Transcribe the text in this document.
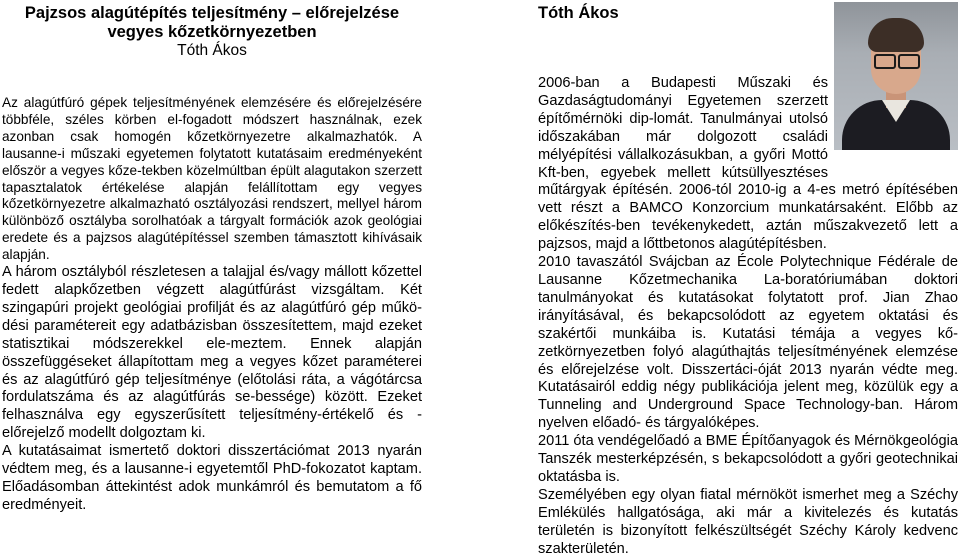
Pajzsos alagútépítés teljesítmény – előrejelzése
vegyes kőzetkörnyezetben
Tóth Ákos

Az alagútfúró gépek teljesítményének elemzésére és előrejelzésére többféle, széles körben el-fogadott módszert használnak, ezek azonban csak homogén kőzetkörnyezetre alkalmazhatók. A lausanne-i műszaki egyetemen folytatott kutatásaim eredményeként először a vegyes kőze-tekben közelmúltban épült alagutakon szerzett tapasztalatok értékelése alapján felállítottam egy vegyes kőzetkörnyezetre alkalmazható osztályozási rendszert, mellyel három különböző osztályba sorolhatóak a tárgyalt formációk azok geológiai eredete és a pajzsos alagútépítéssel szemben támasztott kihívásaik alapján.

A három osztályból részletesen a talajjal és/vagy mállott kőzettel fedett alapkőzetben végzett alagútfúrást vizsgáltam. Két szingapúri projekt geológiai profilját és az alagútfúró gép műkö-dési paramétereit egy adatbázisban összesítettem, majd ezeket statisztikai módszerekkel ele-meztem. Ennek alapján összefüggéseket állapítottam meg a vegyes kőzet paraméterei és az alagútfúró gép teljesítménye (előtolási ráta, a vágótárcsa fordulatszáma és az alagútfúrás se-bessége) között. Ezeket felhasználva egy egyszerűsített teljesítmény-értékelő és - előrejelző modellt dolgoztam ki.

A kutatásaimat ismertető doktori disszertációmat 2013 nyarán védtem meg, és a lausanne-i egyetemtől PhD-fokozatot kaptam. Előadásomban áttekintést adok munkámról és bemutatom a fő eredményeit.

Tóth Ákos

2006-ban a Budapesti Műszaki és Gazdaságtudományi Egyetemen szerzett építőmérnöki dip-lomát. Tanulmányai utolsó időszakában már dolgozott családi mélyépítési vállalkozásukban, a győri Mottó Kft-ben, egyebek mellett kútsüllyesztéses műtárgyak építésén. 2006-tól 2010-ig a 4-es metró építésében vett részt a BAMCO Konzorcium munkatársaként. Előbb az előkészítés-ben tevékenykedett, aztán műszakvezető lett a pajzsos, majd a lőttbetonos alagútépítésben.

2010 tavaszától Svájcban az École Polytechnique Fédérale de Lausanne Kőzetmechanika La-boratóriumában doktori tanulmányokat és kutatásokat folytatott prof. Jian Zhao irányításával, és bekapcsolódott az egyetem oktatási és szakértői munkáiba is. Kutatási témája a vegyes kő-zetkörnyezetben folyó alagúthajtás teljesítményének elemzése és előrejelzése volt. Disszertáci-óját 2013 nyarán védte meg. Kutatásairól eddig négy publikációja jelent meg, közülük egy a Tunneling and Underground Space Technology-ban. Három nyelven előadó- és tárgyalóképes.

2011 óta vendégelőadó a BME Építőanyagok és Mérnökgeológia Tanszék mesterképzésén, s bekapcsolódott a győri geotechnikai oktatásba is.

Személyében egy olyan fiatal mérnököt ismerhet meg a Széchy Emlékülés hallgatósága, aki már a kivitelezés és kutatás területén is bizonyított felkészültségét Széchy Károly kedvenc szakterületén.
